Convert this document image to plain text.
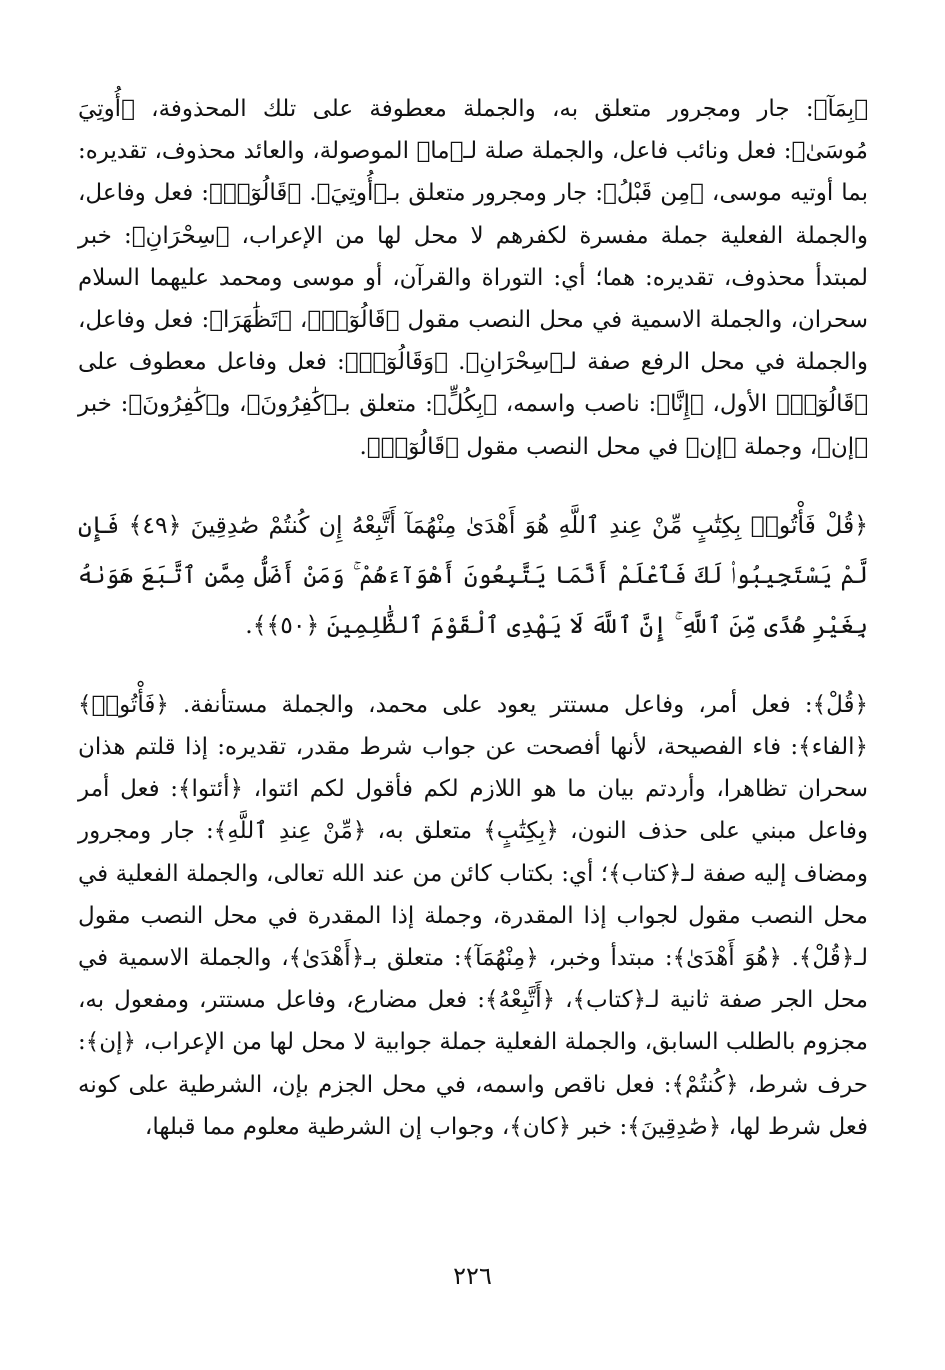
﴿بِمَآ﴾: جار ومجرور متعلق به، والجملة معطوفة على تلك المحذوفة، ﴿أُوتِيَ مُوسَىٰ﴾: فعل ونائب فاعل، والجملة صلة لـ﴿ما﴾ الموصولة، والعائد محذوف، تقديره: بما أوتيه موسى، ﴿مِن قَبْلُ﴾: جار ومجرور متعلق بـ﴿أُوتِيَ﴾. ﴿قَالُوٓا۟﴾: فعل وفاعل، والجملة الفعلية جملة مفسرة لكفرهم لا محل لها من الإعراب، ﴿سِحْرَانِ﴾: خبر لمبتدأ محذوف، تقديره: هما؛ أي: التوراة والقرآن، أو موسى ومحمد عليهما السلام سحران، والجملة الاسمية في محل النصب مقول ﴿قَالُوٓا۟﴾، ﴿تَظَٰهَرَا﴾: فعل وفاعل، والجملة في محل الرفع صفة لـ﴿سِحْرَانِ﴾. ﴿وَقَالُوٓا۟﴾: فعل وفاعل معطوف على ﴿قَالُوٓا۟﴾ الأول، ﴿إِنَّا﴾: ناصب واسمه، ﴿بِكُلٍّ﴾: متعلق بـ﴿كَٰفِرُونَ﴾، و﴿كَٰفِرُونَ﴾: خبر ﴿إن﴾، وجملة ﴿إن﴾ في محل النصب مقول ﴿قَالُوٓا۟﴾.

﴿قُلْ فَأْتُوا۟ بِكِتَٰبٍ مِّنْ عِندِ ٱللَّهِ هُوَ أَهْدَىٰ مِنْهُمَآ أَتَّبِعْهُ إِن كُنتُمْ صَٰدِقِينَ ﴿٤٩﴾ فَإِن لَّمْ يَسْتَجِيبُوا۟ لَكَ فَٱعْلَمْ أَنَّمَا يَتَّبِعُونَ أَهْوَآءَهُمْ ۚ وَمَنْ أَضَلُّ مِمَّنِ ٱتَّبَعَ هَوَىٰهُ بِغَيْرِ هُدًى مِّنَ ٱللَّهِ ۚ إِنَّ ٱللَّهَ لَا يَهْدِى ٱلْقَوْمَ ٱلظَّٰلِمِينَ ﴿٥٠﴾﴾.

﴿قُلْ﴾: فعل أمر، وفاعل مستتر يعود على محمد، والجملة مستأنفة. ﴿فَأْتُوا۟﴾ ﴿الفاء﴾: فاء الفصيحة، لأنها أفصحت عن جواب شرط مقدر، تقديره: إذا قلتم هذان سحران تظاهرا، وأردتم بيان ما هو اللازم لكم فأقول لكم ائتوا، ﴿أئتوا﴾: فعل أمر وفاعل مبني على حذف النون، ﴿بِكِتَٰبٍ﴾ متعلق به، ﴿مِّنْ عِندِ ٱللَّهِ﴾: جار ومجرور ومضاف إليه صفة لـ﴿كتاب﴾؛ أي: بكتاب كائن من عند الله تعالى، والجملة الفعلية في محل النصب مقول لجواب إذا المقدرة، وجملة إذا المقدرة في محل النصب مقول لـ﴿قُلْ﴾. ﴿هُوَ أَهْدَىٰ﴾: مبتدأ وخبر، ﴿مِنْهُمَآ﴾: متعلق بـ﴿أَهْدَىٰ﴾، والجملة الاسمية في محل الجر صفة ثانية لـ﴿كتاب﴾، ﴿أَتَّبِعْهُ﴾: فعل مضارع، وفاعل مستتر، ومفعول به، مجزوم بالطلب السابق، والجملة الفعلية جملة جوابية لا محل لها من الإعراب، ﴿إن﴾: حرف شرط، ﴿كُنتُمْ﴾: فعل ناقص واسمه، في محل الجزم بإن، الشرطية على كونه فعل شرط لها، ﴿صَٰدِقِينَ﴾: خبر ﴿كان﴾، وجواب إن الشرطية معلوم مما قبلها،

٢٢٦
